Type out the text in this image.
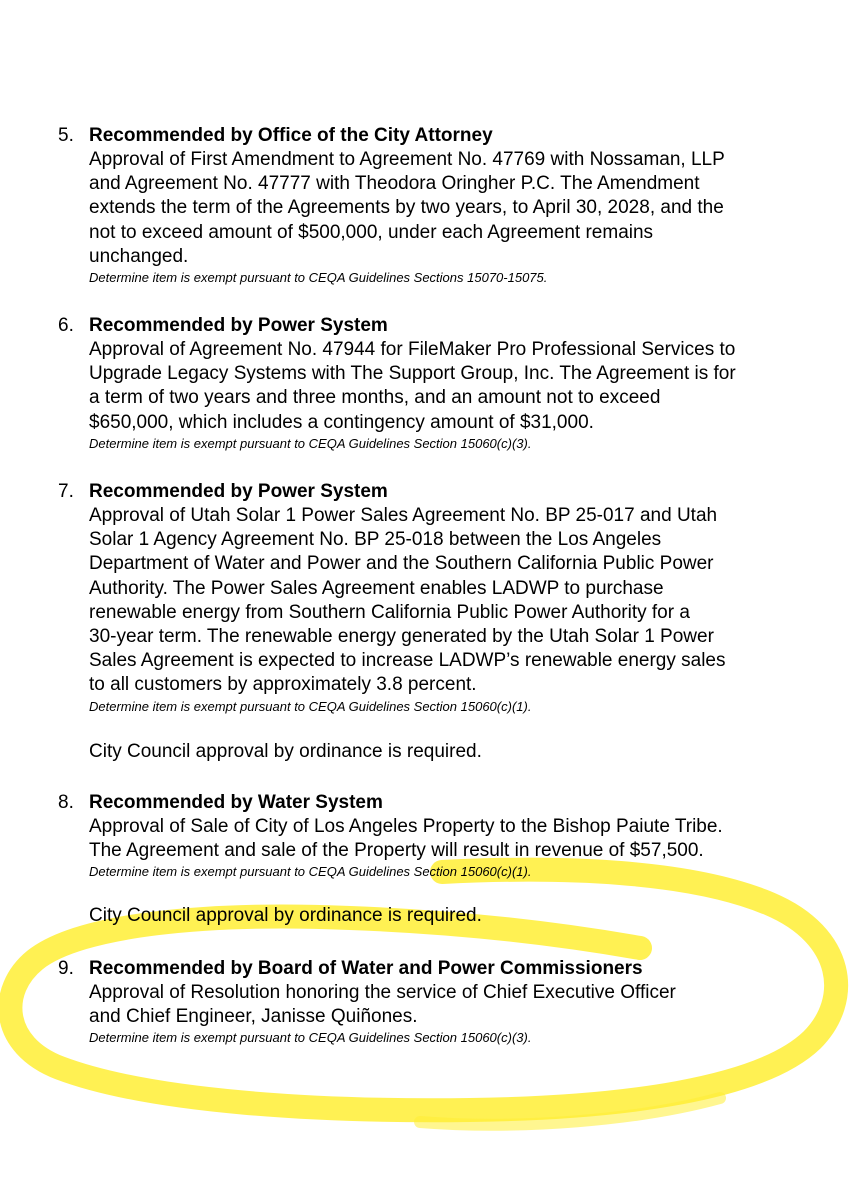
5. Recommended by Office of the City Attorney

Approval of First Amendment to Agreement No. 47769 with Nossaman, LLP
and Agreement No. 47777 with Theodora Oringher P.C. The Amendment
extends the term of the Agreements by two years, to April 30, 2028, and the
not to exceed amount of $500,000, under each Agreement remains
unchanged.

Determine item is exempt pursuant to CEQA Guidelines Sections 15070-15075.

6. Recommended by Power System

Approval of Agreement No. 47944 for FileMaker Pro Professional Services to
Upgrade Legacy Systems with The Support Group, Inc. The Agreement is for
a term of two years and three months, and an amount not to exceed
$650,000, which includes a contingency amount of $31,000.

Determine item is exempt pursuant to CEQA Guidelines Section 15060(c)(3).

7. Recommended by Power System

Approval of Utah Solar 1 Power Sales Agreement No. BP 25-017 and Utah
Solar 1 Agency Agreement No. BP 25-018 between the Los Angeles
Department of Water and Power and the Southern California Public Power
Authority. The Power Sales Agreement enables LADWP to purchase
renewable energy from Southern California Public Power Authority for a
30-year term. The renewable energy generated by the Utah Solar 1 Power
Sales Agreement is expected to increase LADWP’s renewable energy sales
to all customers by approximately 3.8 percent.

Determine item is exempt pursuant to CEQA Guidelines Section 15060(c)(1).

City Council approval by ordinance is required.
8. Recommended by Water System

Approval of Sale of City of Los Angeles Property to the Bishop Paiute Tribe.
The Agreement and sale of the Property will result in revenue of $57,500.

Determine item is exempt pursuant to CEQA Guidelines Section 15060(c)(1).

City Council approval by ordinance is required.
9. Recommended by Board of Water and Power Commissioners

Approval of Resolution honoring the service of Chief Executive Officer
and Chief Engineer, Janisse Quiñones.

Determine item is exempt pursuant to CEQA Guidelines Section 15060(c)(3).
